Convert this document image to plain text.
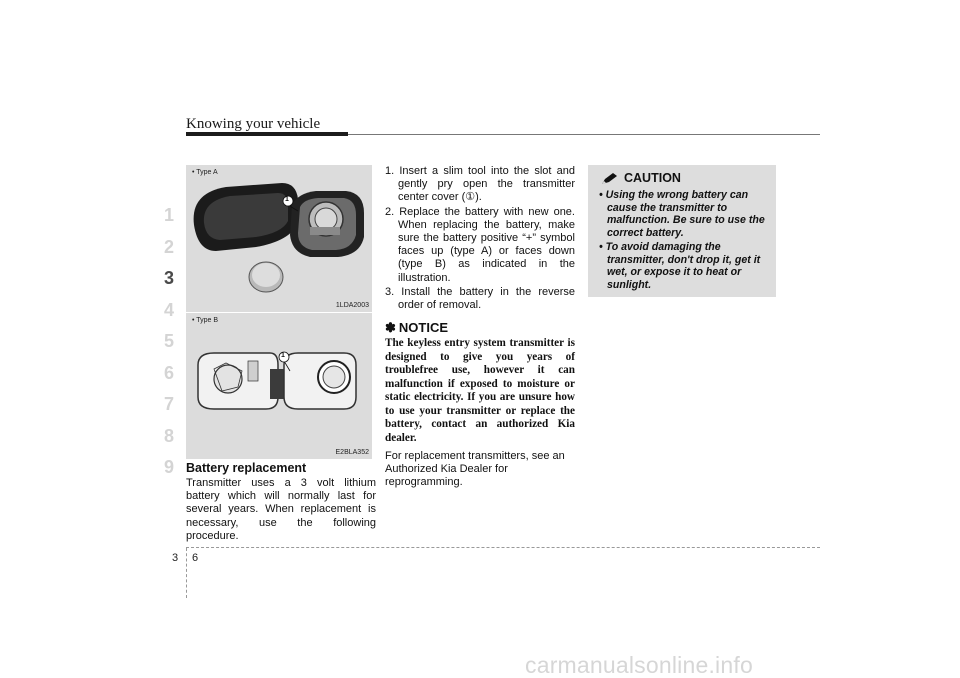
Knowing your vehicle
1
2
3
4
5
6
7
8
9
1
• Type A
1LDA2003
1
• Type B
E2BLA352
Battery replacement

Transmitter uses a 3 volt lithium battery which will normally last for several years. When replacement is necessary, use the following procedure.

1. Insert a slim tool into the slot and gently pry open the transmitter center cover (①).
2. Replace the battery with new one. When replacing the battery, make sure the battery positive “+” symbol faces up (type A) or faces down (type B) as indicated in the illustration.
3. Install the battery in the reverse order of removal.
✽ NOTICE

The keyless entry system transmitter is designed to give you years of troublefree use, however it can malfunction if exposed to moisture or static electricity. If you are unsure how to use your transmitter or replace the battery, contact an authorized Kia dealer.

For replacement transmitters, see an Authorized Kia Dealer for reprogramming.

CAUTION
• Using the wrong battery can cause the transmitter to malfunction. Be sure to use the correct battery.
• To avoid damaging the transmitter, don't drop it, get it wet, or expose it to heat or sunlight.
3 6
carmanualsonline.info
